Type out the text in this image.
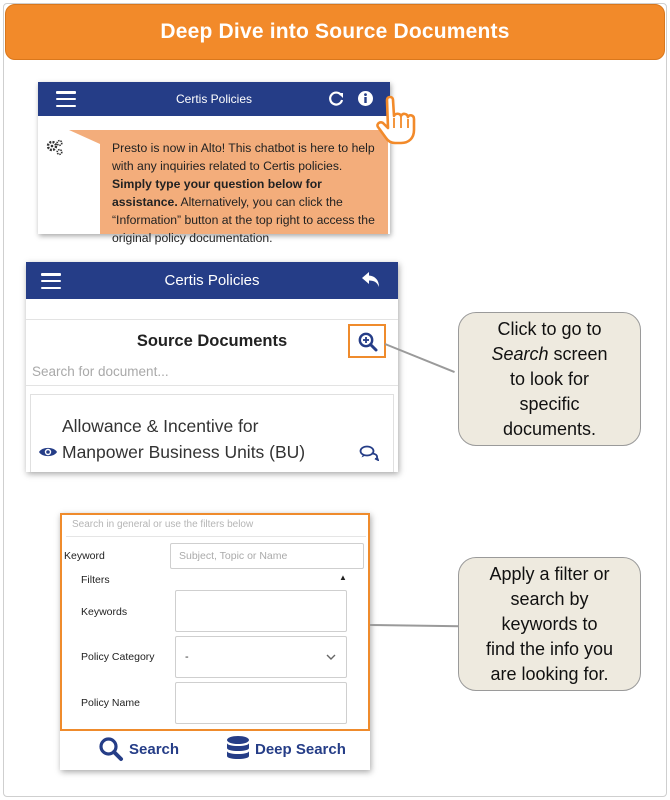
Deep Dive into Source Documents
Certis Policies
Presto is now in Alto! This chatbot is here to help with any inquiries related to Certis policies. Simply type your question below for assistance. Alternatively, you can click the “Information” button at the top right to access the original policy documentation.
Certis Policies
Source Documents
Search for document...
Allowance & Incentive for
Manpower Business Units (BU)
Click to go to
Search screen
to look for
specific
documents.
Search in general or use the filters below
Keyword	Subject, Topic or Name
Filters	▲
Keywords
Policy Category	-
Policy Name
Search	Deep Search
Apply a filter or
search by
keywords to
find the info you
are looking for.
